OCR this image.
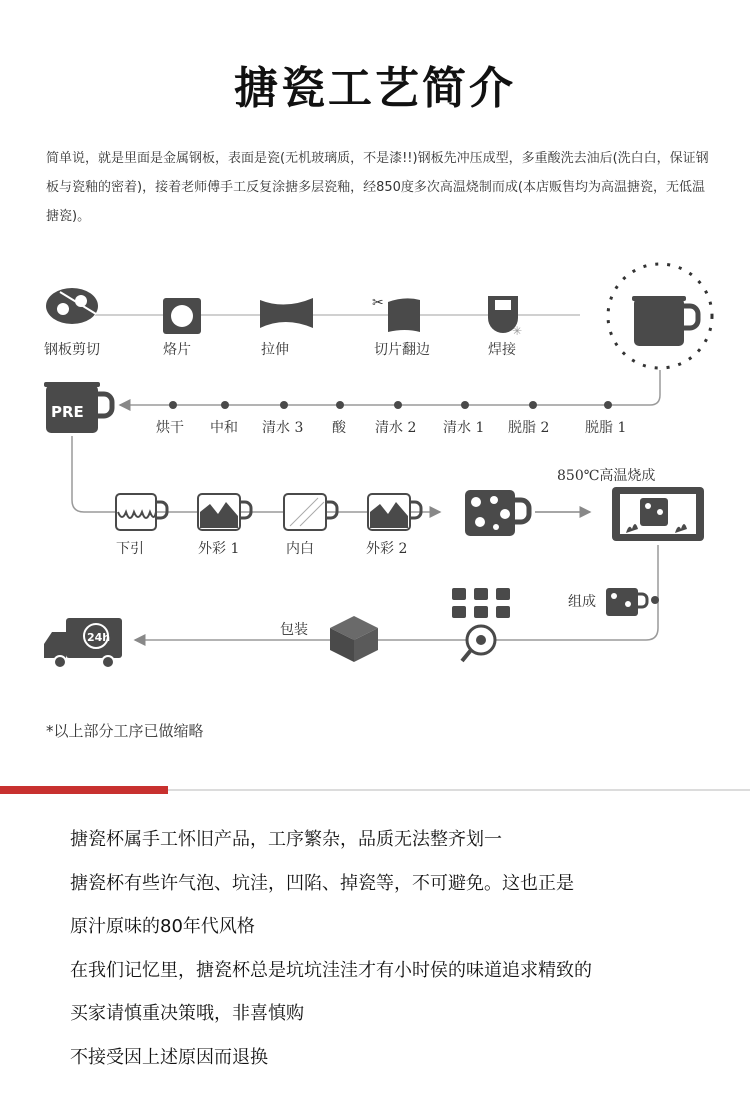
搪瓷工艺简介
简单说，就是里面是金属钢板，表面是瓷(无机玻璃质，不是漆!!)钢板先冲压成型，多重酸洗去油后(洗白白，保证钢板与瓷釉的密着)，接着老师傅手工反复涂搪多层瓷釉，经850度多次高温烧制而成(本店贩售均为高温搪瓷，无低温搪瓷)。
✂
✳
钢板剪切	烙片	拉伸	切片翻边	焊接
烘干 中和 清水 3 酸 清水 2 清水 1 脱脂 2	脱脂 1
PRE
下引	外彩 1	内白	外彩 2
850℃高温烧成
组成
包装
24h
*以上部分工序已做缩略
搪瓷杯属手工怀旧产品，工序繁杂，品质无法整齐划一
搪瓷杯有些许气泡、坑洼，凹陷、掉瓷等，不可避免。这也正是
原汁原味的80年代风格
在我们记忆里，搪瓷杯总是坑坑洼洼才有小时侯的味道追求精致的
买家请慎重决策哦，非喜慎购
不接受因上述原因而退换
